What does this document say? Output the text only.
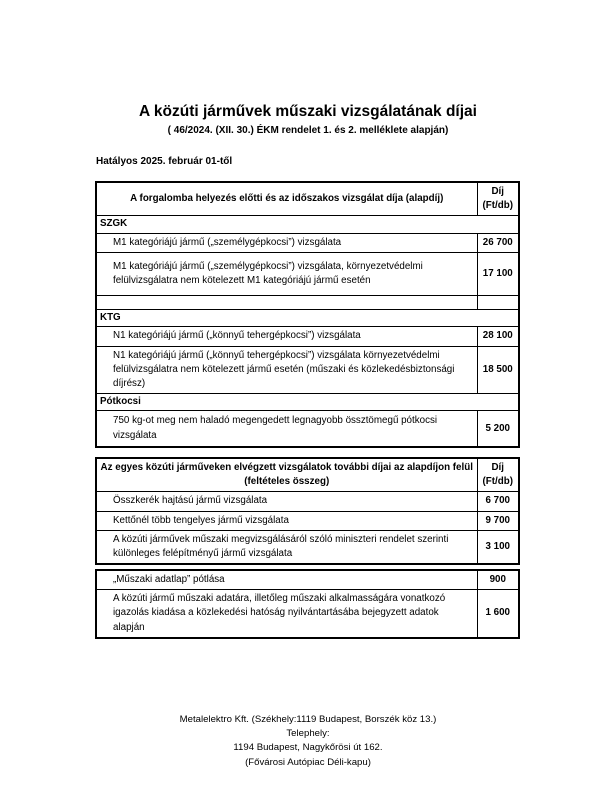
A közúti járművek műszaki vizsgálatának díjai
( 46/2024. (XII. 30.) ÉKM rendelet 1. és 2. melléklete alapján)
Hatályos 2025. február 01-től
A forgalomba helyezés előtti és az időszakos vizsgálat díja (alapdíj)	Díj (Ft/db)
SZGK	
M1 kategóriájú jármű („személygépkocsi”) vizsgálata	26 700
M1 kategóriájú jármű („személygépkocsi”) vizsgálata, környezetvédelmi felülvizsgálatra nem kötelezett M1 kategóriájú jármű esetén	17 100

KTG	
N1 kategóriájú jármű („könnyű tehergépkocsi”) vizsgálata	28 100
N1 kategóriájú jármű („könnyű tehergépkocsi”) vizsgálata környezetvédelmi felülvizsgálatra nem kötelezett jármű esetén (műszaki és közlekedésbiztonsági díjrész)	18 500
Pótkocsi	
750 kg-ot meg nem haladó megengedett legnagyobb össztömegű pótkocsi vizsgálata	5 200
Az egyes közúti járműveken elvégzett vizsgálatok további díjai az alapdíjon felül (feltételes összeg)	Díj (Ft/db)
Összkerék hajtású jármű vizsgálata	6 700
Kettőnél több tengelyes jármű vizsgálata	9 700
A közúti járművek műszaki megvizsgálásáról szóló miniszteri rendelet szerinti különleges felépítményű jármű vizsgálata	3 100
„Műszaki adatlap” pótlása	900
A közúti jármű műszaki adatára, illetőleg műszaki alkalmasságára vonatkozó igazolás kiadása a közlekedési hatóság nyilvántartásába bejegyzett adatok alapján	1 600
Metalelektro Kft. (Székhely:1119 Budapest, Borszék köz 13.)
Telephely:
1194 Budapest, Nagykőrösi út 162.
(Fővárosi Autópiac Déli-kapu)
